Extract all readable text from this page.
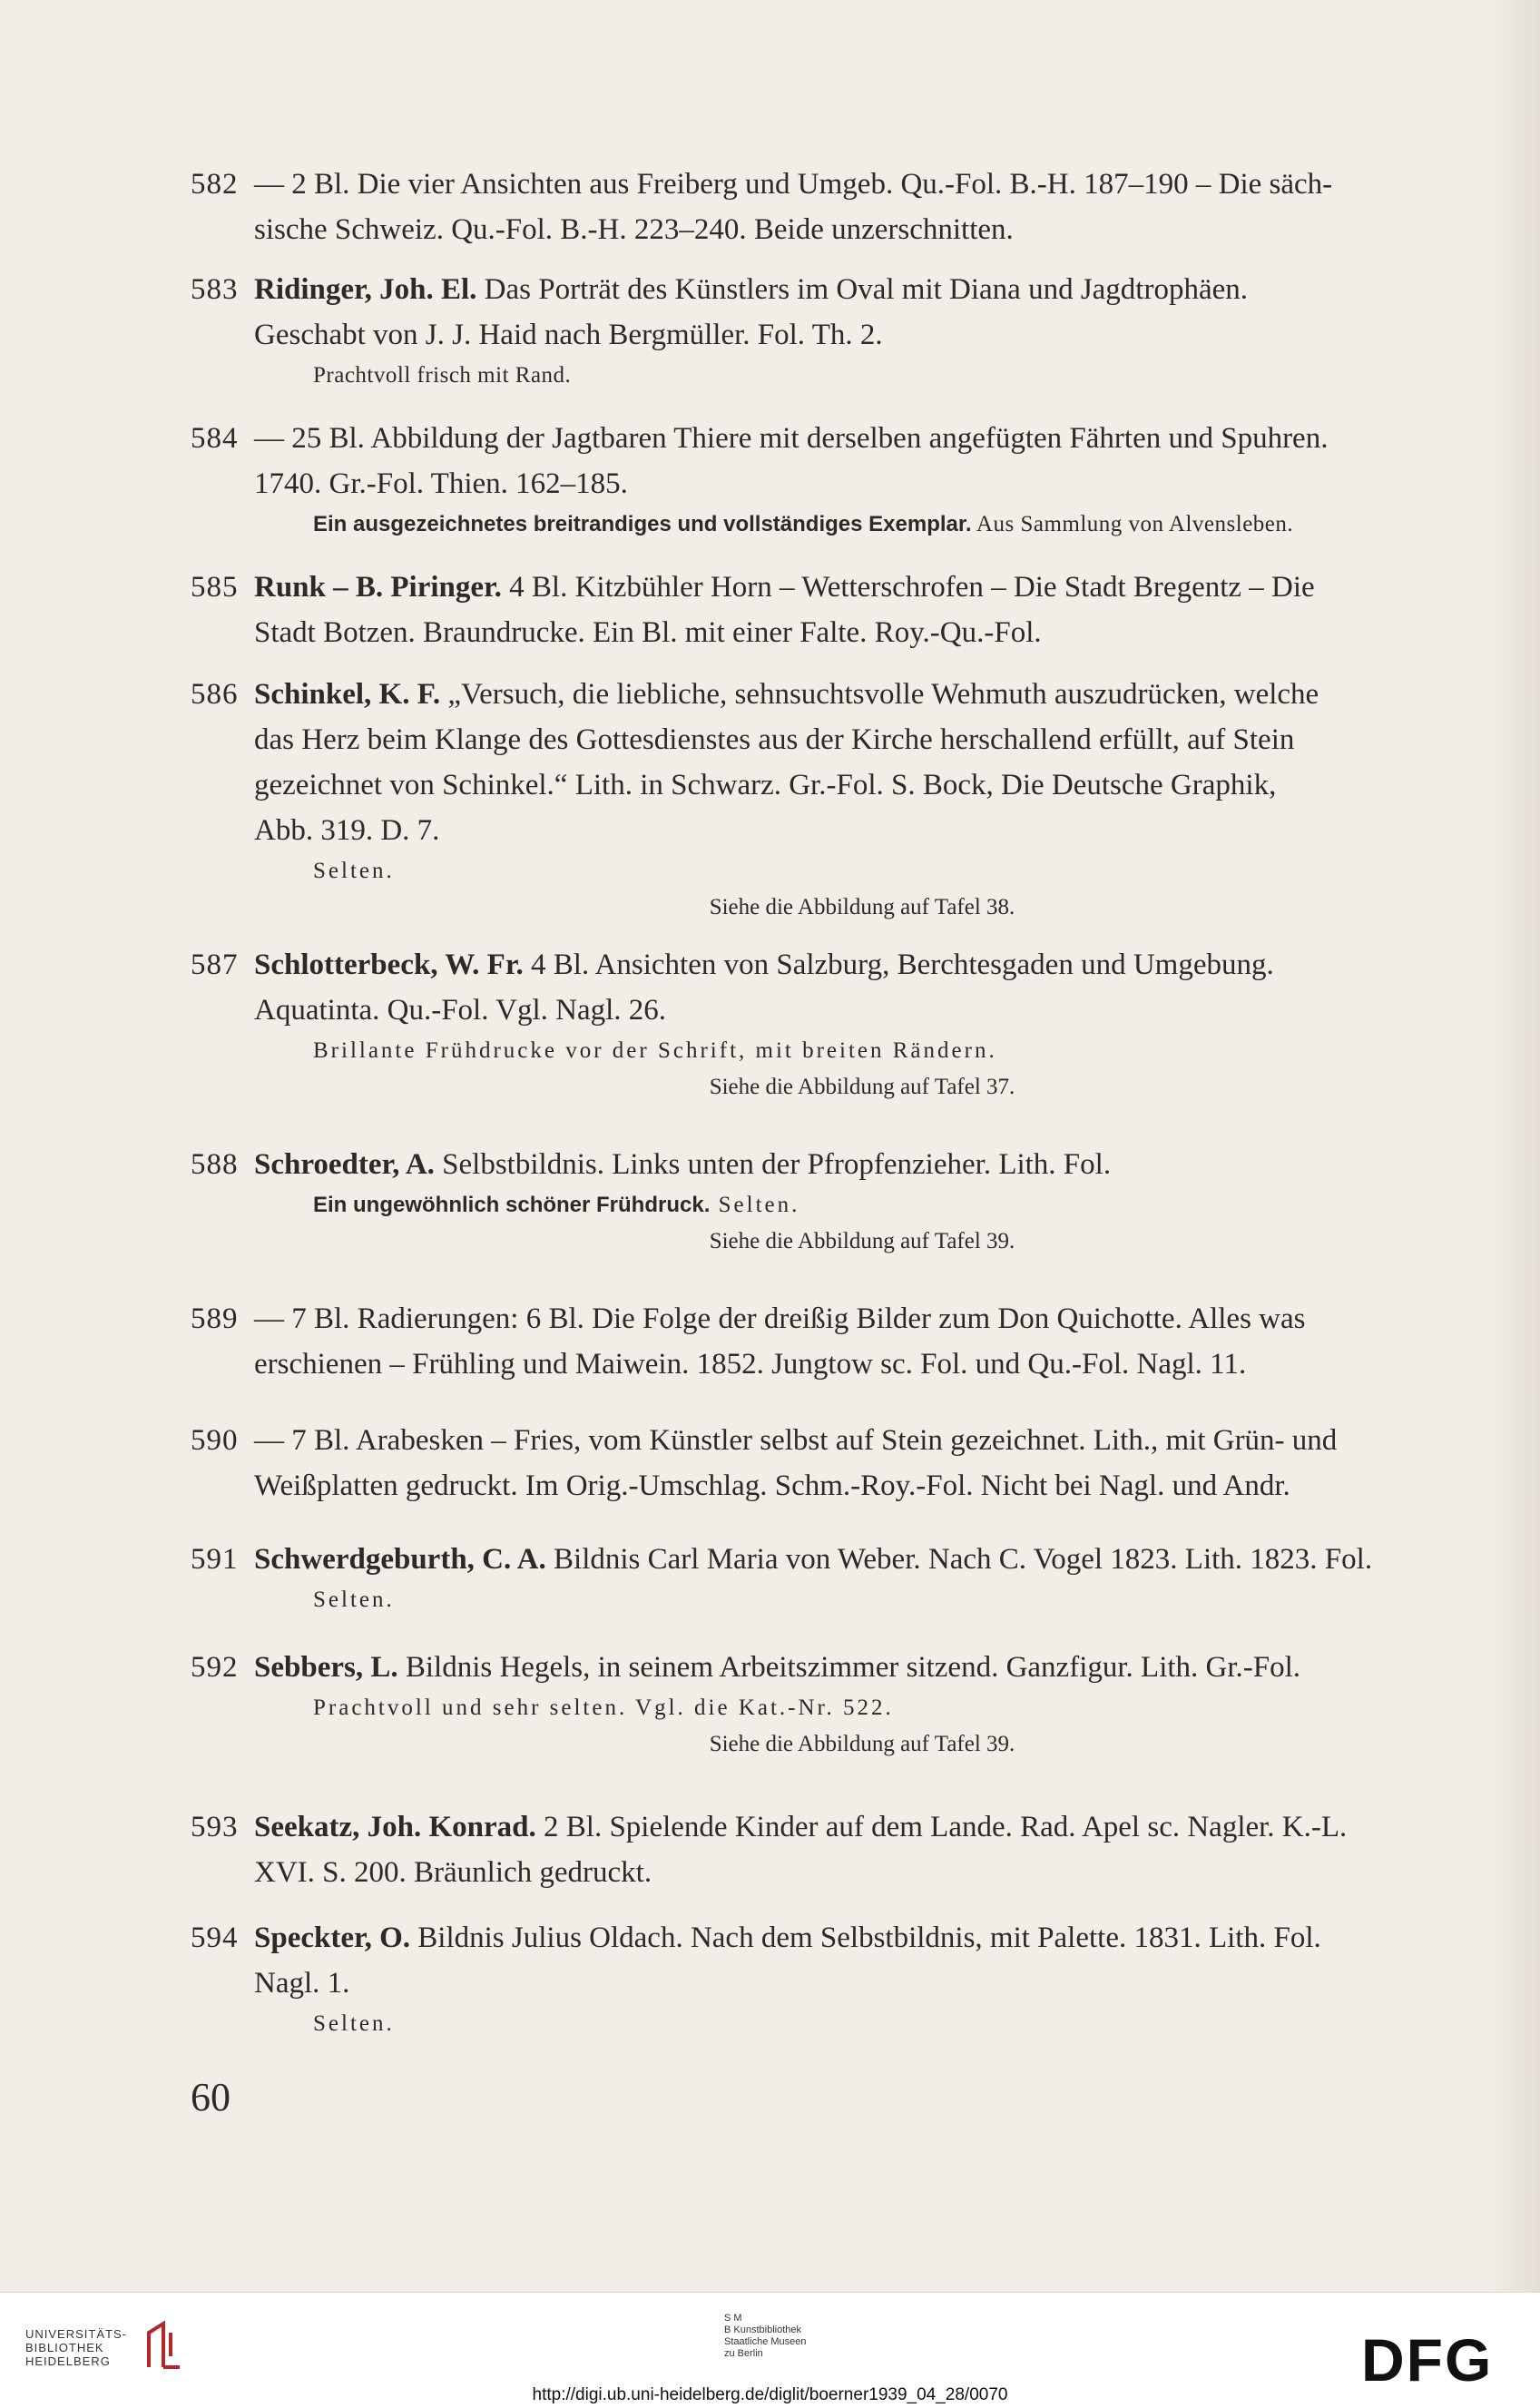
582 — 2 Bl. Die vier Ansichten aus Freiberg und Umgeb. Qu.-Fol. B.-H. 187–190 – Die säch-

sische Schweiz. Qu.-Fol. B.-H. 223–240. Beide unzerschnitten.

583 Ridinger, Joh. El. Das Porträt des Künstlers im Oval mit Diana und Jagdtrophäen.

Geschabt von J. J. Haid nach Bergmüller. Fol. Th. 2.

Prachtvoll frisch mit Rand.
584 — 25 Bl. Abbildung der Jagtbaren Thiere mit derselben angefügten Fährten und Spuhren.

1740. Gr.-Fol. Thien. 162–185.

Ein ausgezeichnetes breitrandiges und vollständiges Exemplar. Aus Sammlung von Alvensleben.
585 Runk – B. Piringer. 4 Bl. Kitzbühler Horn – Wetterschrofen – Die Stadt Bregentz – Die

Stadt Botzen. Braundrucke. Ein Bl. mit einer Falte. Roy.-Qu.-Fol.

586 Schinkel, K. F. „Versuch, die liebliche, sehnsuchtsvolle Wehmuth auszudrücken, welche

das Herz beim Klange des Gottesdienstes aus der Kirche herschallend erfüllt, auf Stein

gezeichnet von Schinkel.“ Lith. in Schwarz. Gr.-Fol. S. Bock, Die Deutsche Graphik,

Abb. 319. D. 7.

Selten.
Siehe die Abbildung auf Tafel 38.
587 Schlotterbeck, W. Fr. 4 Bl. Ansichten von Salzburg, Berchtesgaden und Umgebung.

Aquatinta. Qu.-Fol. Vgl. Nagl. 26.

Brillante Frühdrucke vor der Schrift, mit breiten Rändern.
Siehe die Abbildung auf Tafel 37.
588 Schroedter, A. Selbstbildnis. Links unten der Pfropfenzieher. Lith. Fol.

Ein ungewöhnlich schöner Frühdruck. Selten.
Siehe die Abbildung auf Tafel 39.
589 — 7 Bl. Radierungen: 6 Bl. Die Folge der dreißig Bilder zum Don Quichotte. Alles was

erschienen – Frühling und Maiwein. 1852. Jungtow sc. Fol. und Qu.-Fol. Nagl. 11.

590 — 7 Bl. Arabesken – Fries, vom Künstler selbst auf Stein gezeichnet. Lith., mit Grün- und

Weißplatten gedruckt. Im Orig.-Umschlag. Schm.-Roy.-Fol. Nicht bei Nagl. und Andr.

591 Schwerdgeburth, C. A. Bildnis Carl Maria von Weber. Nach C. Vogel 1823. Lith. 1823. Fol.

Selten.
592 Sebbers, L. Bildnis Hegels, in seinem Arbeitszimmer sitzend. Ganzfigur. Lith. Gr.-Fol.

Prachtvoll und sehr selten. Vgl. die Kat.-Nr. 522.
Siehe die Abbildung auf Tafel 39.
593 Seekatz, Joh. Konrad. 2 Bl. Spielende Kinder auf dem Lande. Rad. Apel sc. Nagler. K.-L.

XVI. S. 200. Bräunlich gedruckt.

594 Speckter, O. Bildnis Julius Oldach. Nach dem Selbstbildnis, mit Palette. 1831. Lith. Fol.

Nagl. 1.

Selten.
60
UNIVERSITÄTS-
BIBLIOTHEK
HEIDELBERG
S M
B Kunstbibliothek
Staatliche Museen
zu Berlin	DFG
http://digi.ub.uni-heidelberg.de/diglit/boerner1939_04_28/0070
